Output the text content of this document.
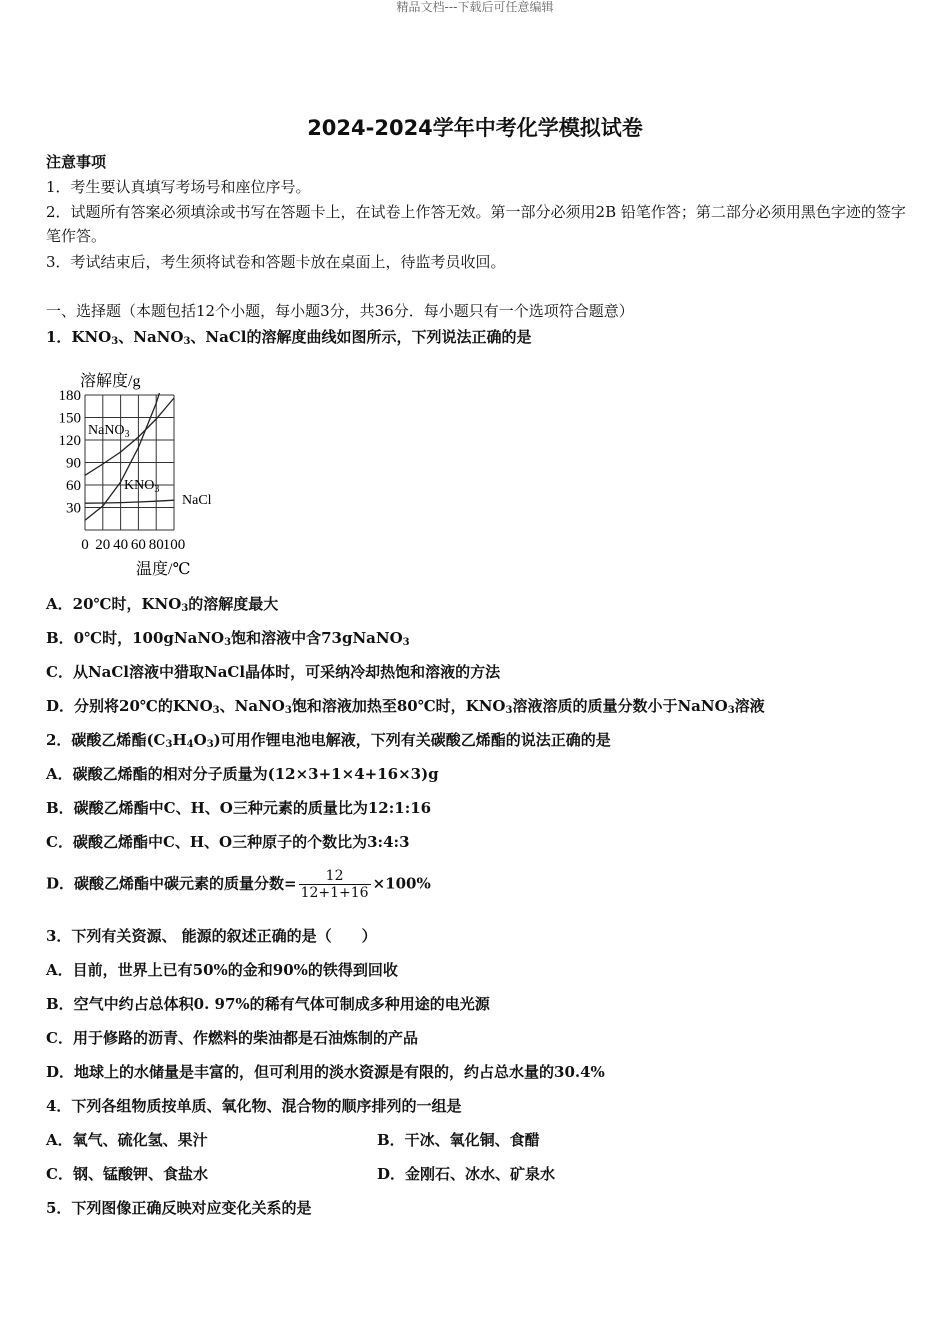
精品文档---下载后可任意编辑
2024-2024学年中考化学模拟试卷
注意事项
1．考生要认真填写考场号和座位序号。
2．试题所有答案必须填涂或书写在答题卡上，在试卷上作答无效。第一部分必须用2B 铅笔作答；第二部分必须用黑色字迹的签字笔作答。
3．考试结束后，考生须将试卷和答题卡放在桌面上，待监考员收回。
一、选择题（本题包括12个小题，每小题3分，共36分．每小题只有一个选项符合题意）
1．$KNO_3$、NaNO$_3$、NaCl的溶解度曲线如图所示，下列说法正确的是
30
60
90
120
150
180
0 20 40 60 80 100
溶解度/g
温度/℃
NaNO$_3$
$KNO_3$
NaCl
A．20℃时，$KNO_3$的溶解度最大
B．0℃时，100gNaNO$_3$饱和溶液中含73gNaNO$_3$
C．从NaCl溶液中猎取NaCl晶体时，可采纳冷却热饱和溶液的方法
D．分别将20℃的$KNO_3$、NaNO$_3$饱和溶液加热至80℃时，$KNO_3$溶液溶质的质量分数小于NaNO$_3$溶液
2．碳酸乙烯酯$(C_3H_4O_3)$可用作锂电池电解液，下列有关碳酸乙烯酯的说法正确的是
A．碳酸乙烯酯的相对分子质量为(12×3+1×4+16×3)g
B．碳酸乙烯酯中C、H、O三种元素的质量比为12:1:16
C．碳酸乙烯酯中C、H、O三种原子的个数比为3:4:3
D．碳酸乙烯酯中碳元素的质量分数= $\frac{12}{12+1+16} \times 100\%$
3．下列有关资源、 能源的叙述正确的是（　　）
A．目前，世界上已有50%的金和90%的铁得到回收
B．空气中约占总体积0. 97%的稀有气体可制成多种用途的电光源
C．用于修路的沥青、作燃料的柴油都是石油炼制的产品
D．地球上的水储量是丰富的，但可利用的淡水资源是有限的，约占总水量的30.4%
4．下列各组物质按单质、氧化物、混合物的顺序排列的一组是
A．氧气、硫化氢、果汁	B．干冰、氧化铜、食醋
C．钢、锰酸钾、食盐水	D．金刚石、冰水、矿泉水
5．下列图像正确反映对应变化关系的是
